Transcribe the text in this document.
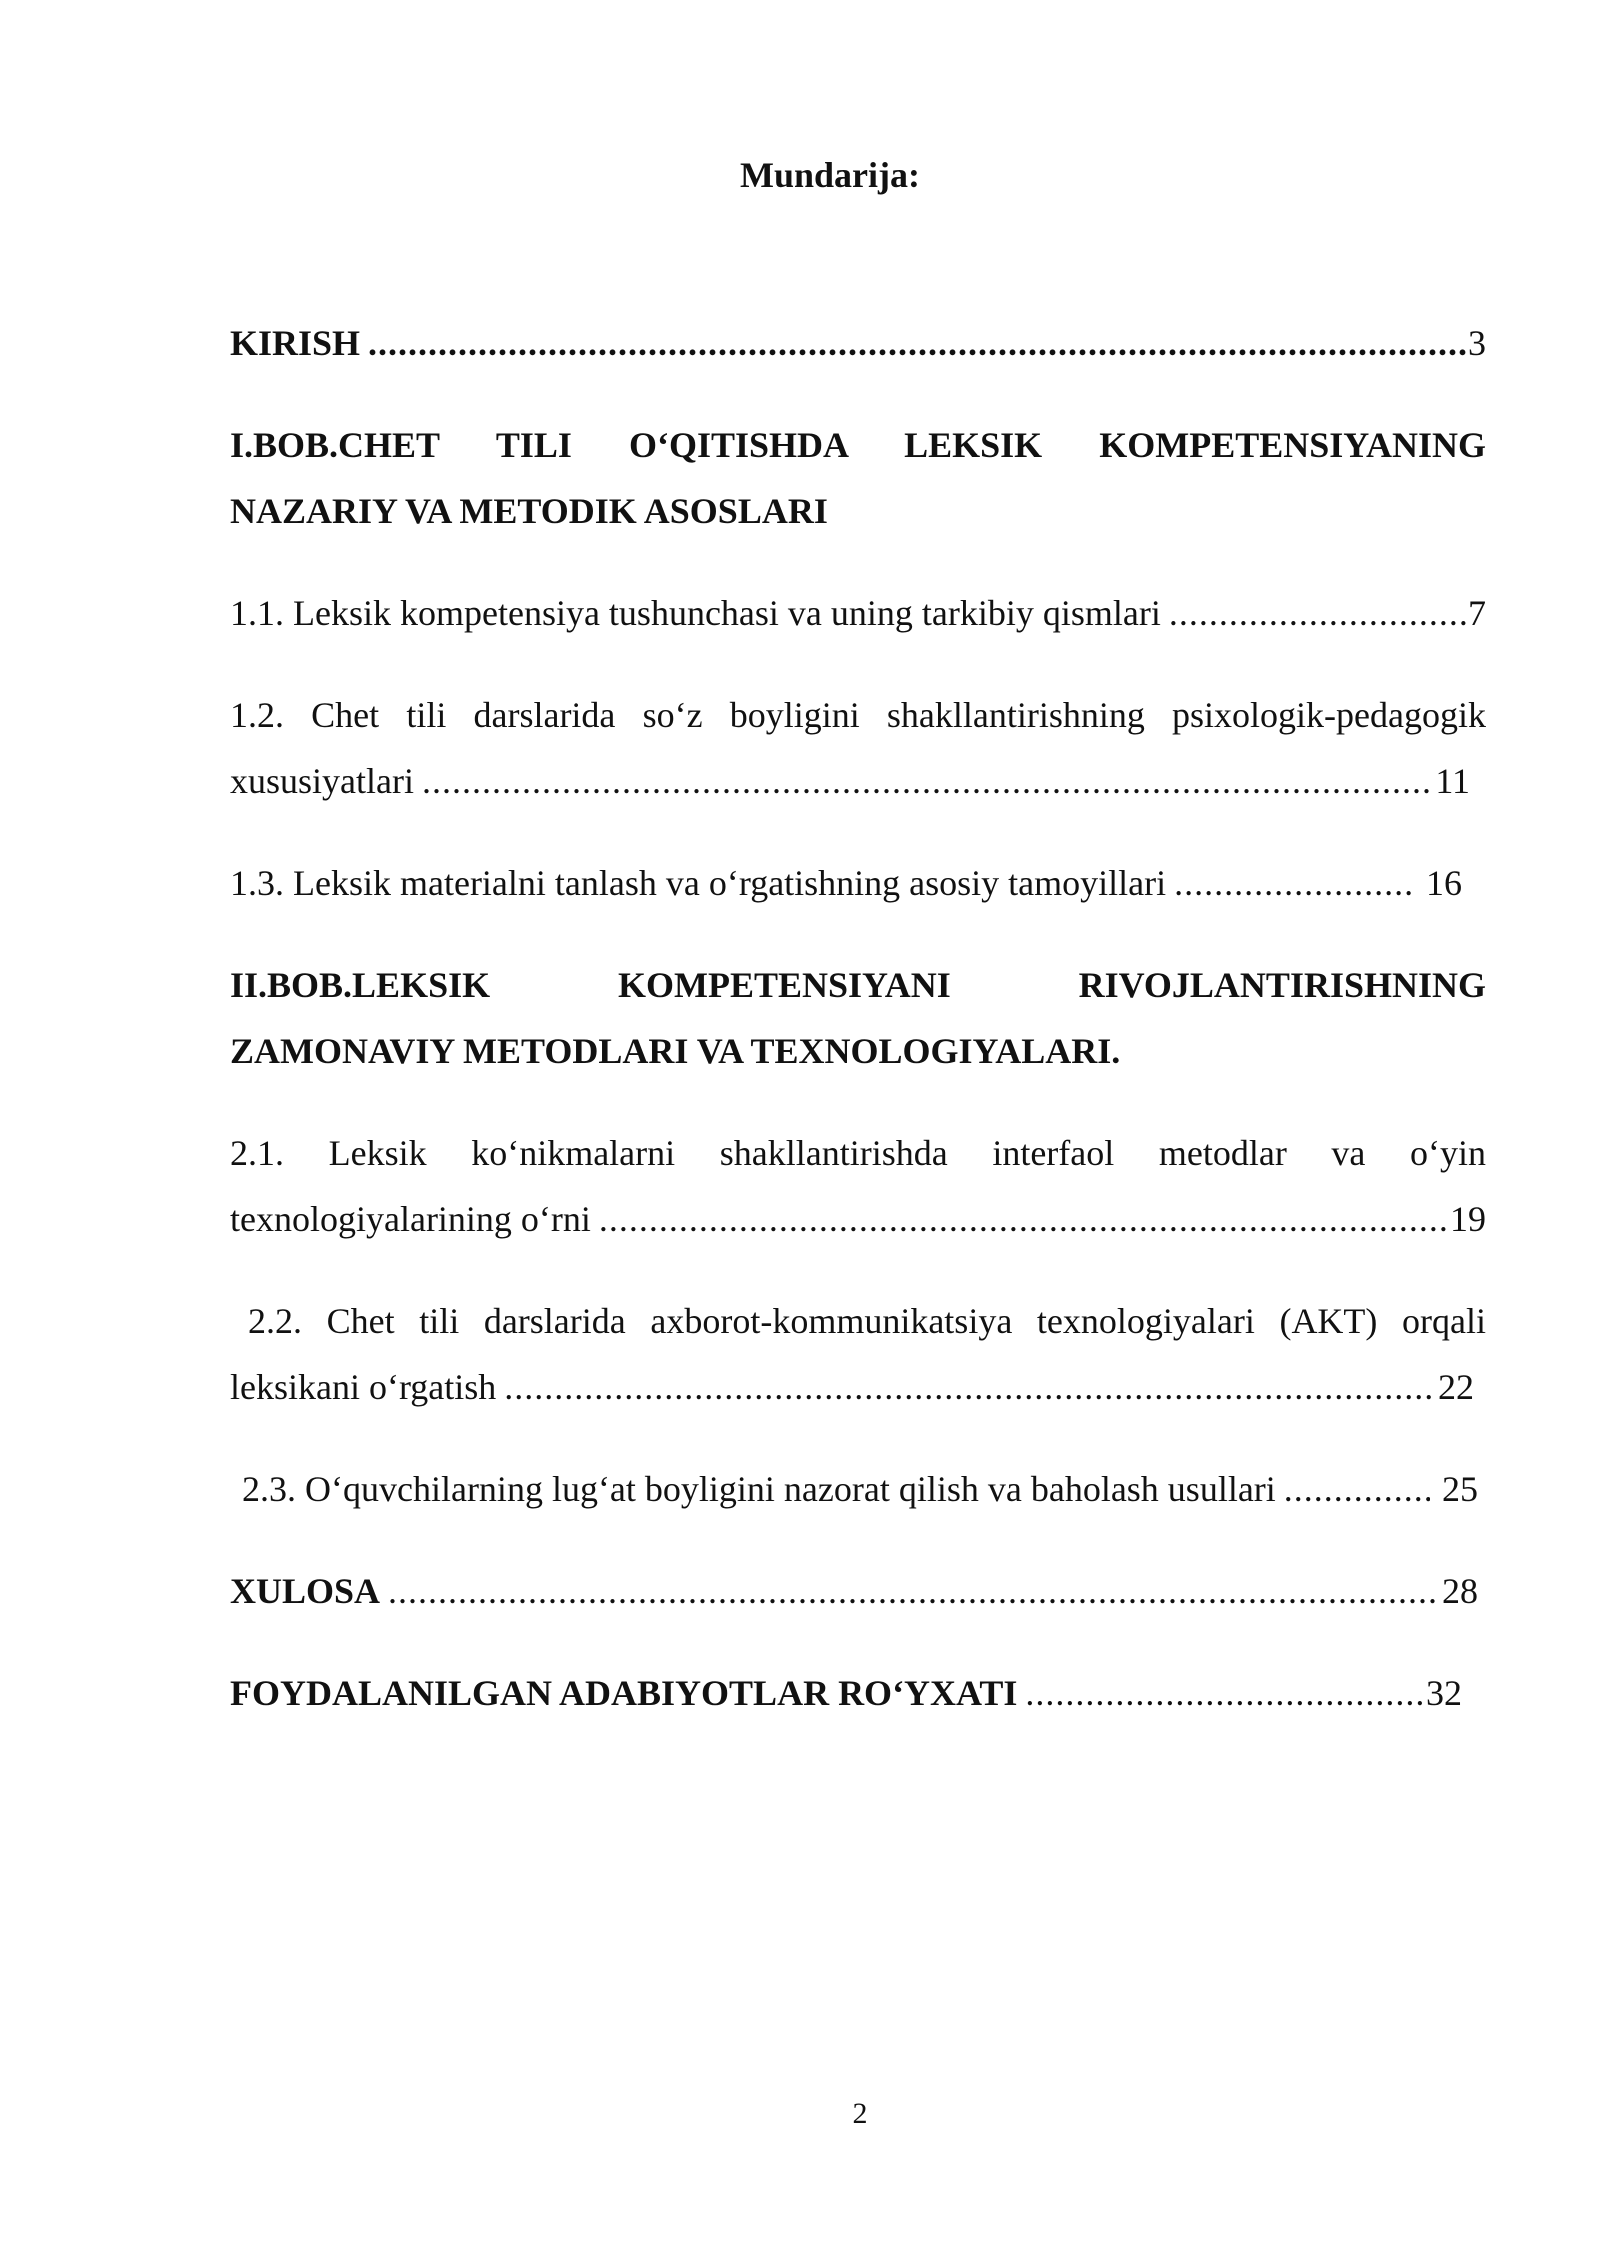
Mundarija:
KIRISH .....	3
I.BOB.CHET TILI O‘QITISHDA LEKSIK KOMPETENSIYANING
NAZARIY VA METODIK ASOSLARI
1.1. Leksik kompetensiya tushunchasi va uning tarkibiy qismlari .....	7
1.2. Chet tili darslarida so‘z boyligini shakllantirishning psixologik-pedagogik
xususiyatlari .....	11
1.3. Leksik materialni tanlash va o‘rgatishning asosiy tamoyillari .....	16
II.BOB.LEKSIK KOMPETENSIYANI RIVOJLANTIRISHNING
ZAMONAVIY METODLARI VA TEXNOLOGIYALARI.
2.1. Leksik ko‘nikmalarni shakllantirishda interfaol metodlar va o‘yin
texnologiyalarining o‘rni .....	19
2.2. Chet tili darslarida axborot-kommunikatsiya texnologiyalari (AKT) orqali
leksikani o‘rgatish .....	22
2.3. O‘quvchilarning lug‘at boyligini nazorat qilish va baholash usullari .....	25
XULOSA .....	28
FOYDALANILGAN ADABIYOTLAR RO‘YXATI .....	32
2
